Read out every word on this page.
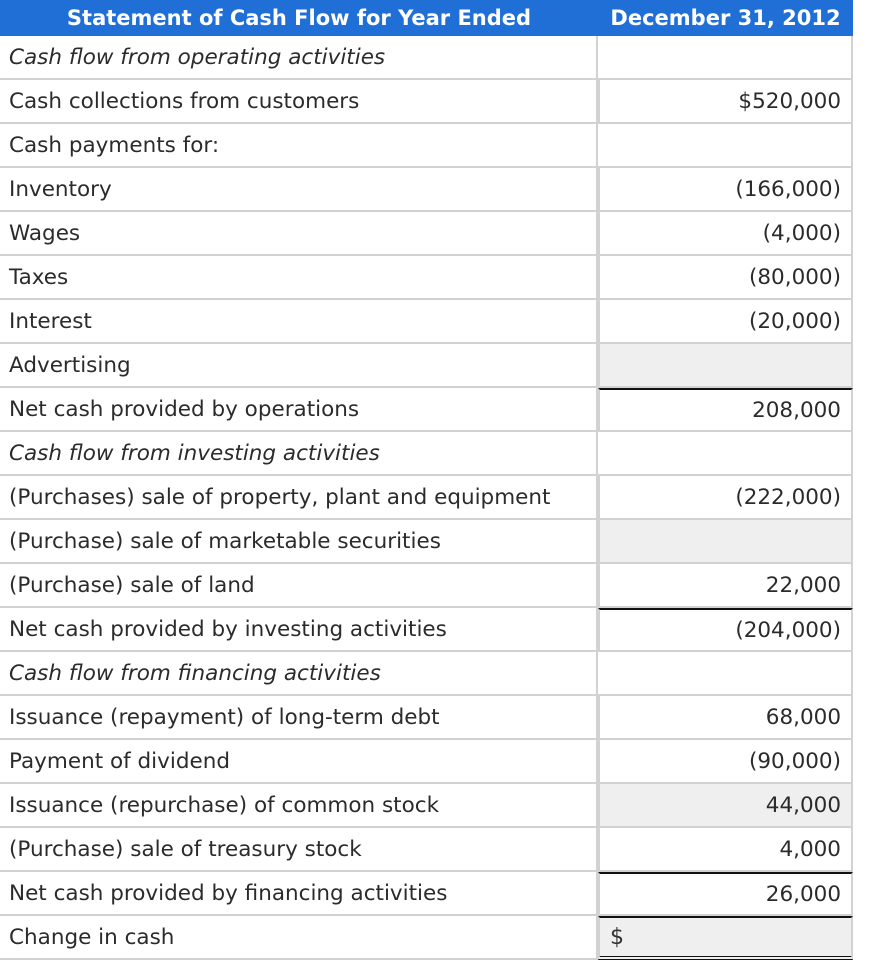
Statement of Cash Flow for Year Ended	December 31, 2012
Cash flow from operating activities
Cash collections from customers	$520,000
Cash payments for:
Inventory	(166,000)
Wages	(4,000)
Taxes	(80,000)
Interest	(20,000)
Advertising
Net cash provided by operations	208,000
Cash flow from investing activities
(Purchases) sale of property, plant and equipment	(222,000)
(Purchase) sale of marketable securities
(Purchase) sale of land	22,000
Net cash provided by investing activities	(204,000)
Cash flow from financing activities
Issuance (repayment) of long-term debt	68,000
Payment of dividend	(90,000)
Issuance (repurchase) of common stock	44,000
(Purchase) sale of treasury stock	4,000
Net cash provided by financing activities	26,000
Change in cash	$
